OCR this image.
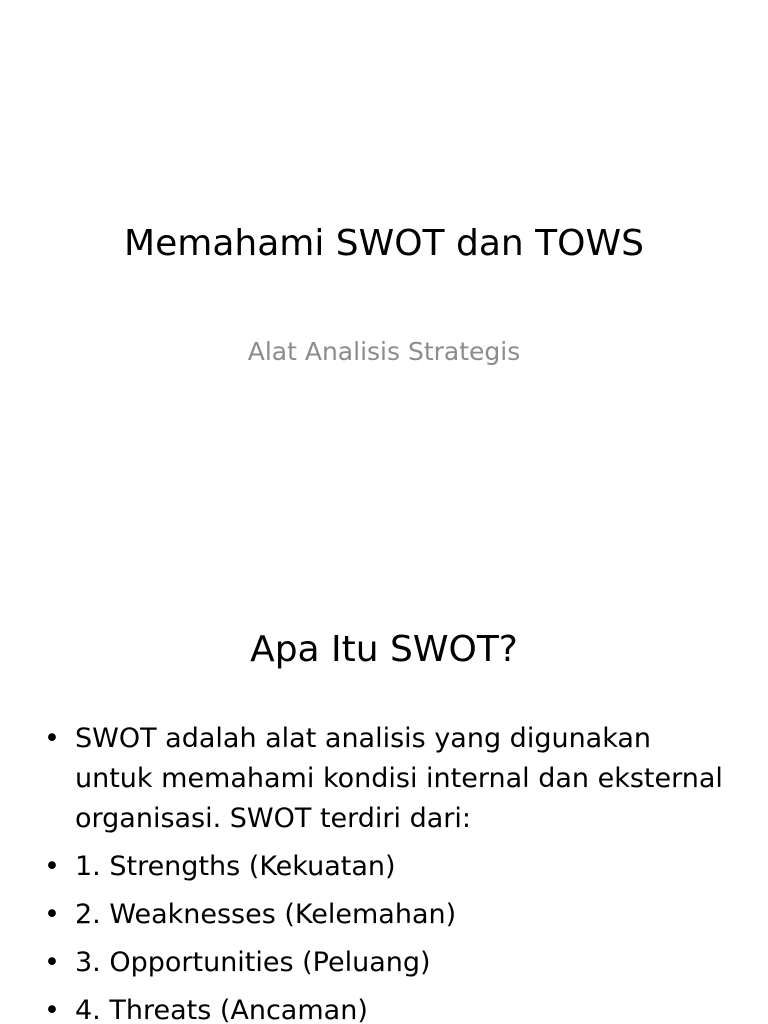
Memahami SWOT dan TOWS

Alat Analisis Strategis

Apa Itu SWOT?
• SWOT adalah alat analisis yang digunakan untuk memahami kondisi internal dan eksternal organisasi. SWOT terdiri dari:
• 1. Strengths (Kekuatan)
• 2. Weaknesses (Kelemahan)
• 3. Opportunities (Peluang)
• 4. Threats (Ancaman)
